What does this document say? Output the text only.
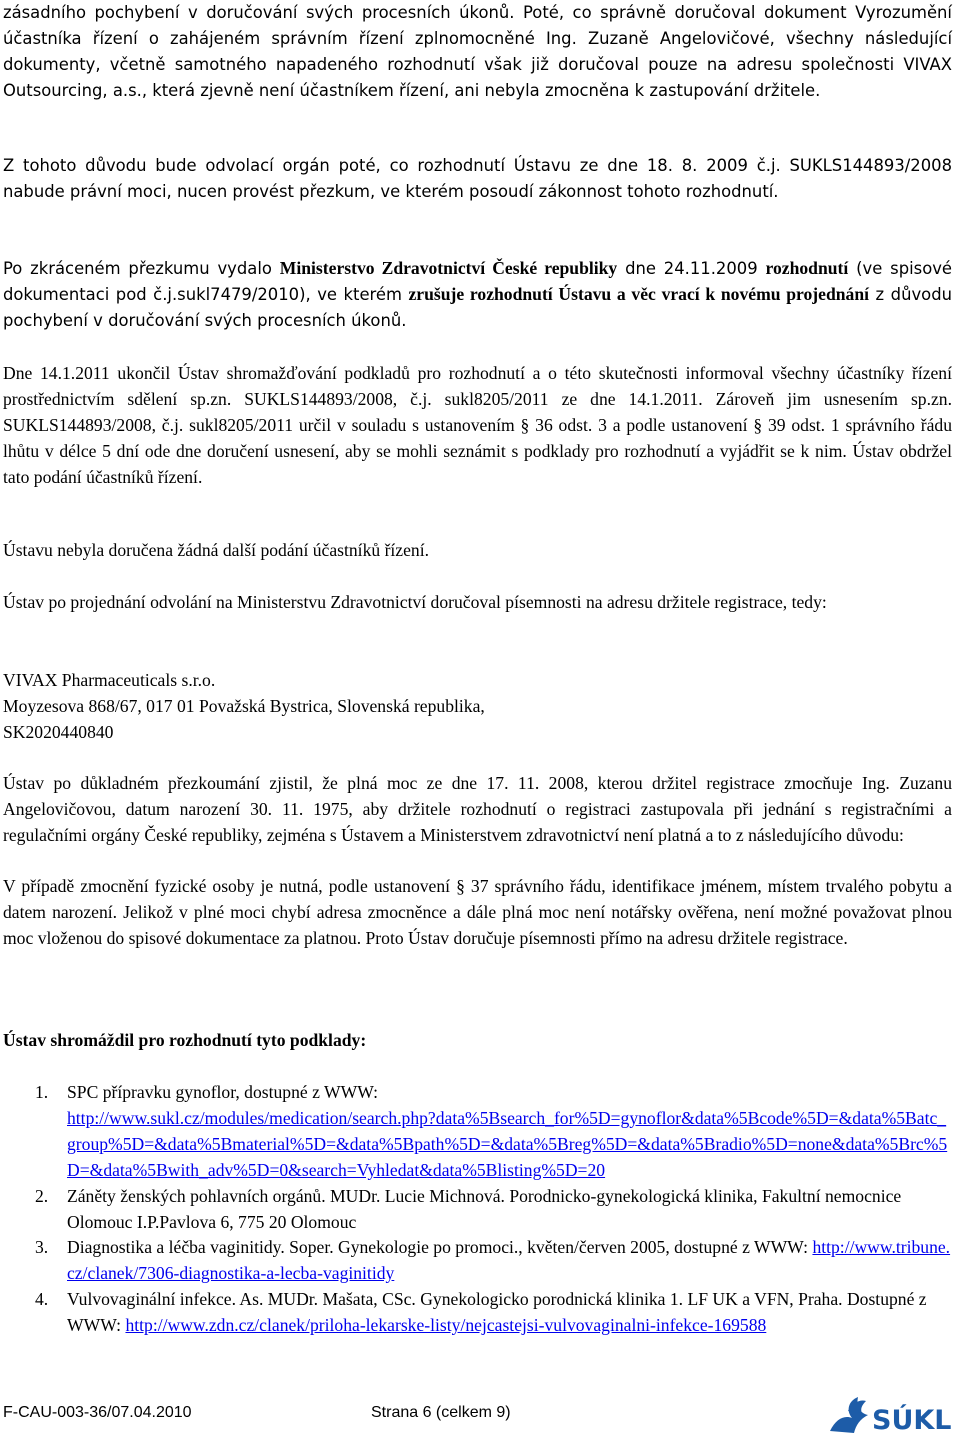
zásadního pochybení v doručování svých procesních úkonů. Poté, co správně doručoval dokument Vyrozumění účastníka řízení o zahájeném správním řízení zplnomocněné Ing. Zuzaně Angelovičové, všechny následující dokumenty, včetně samotného napadeného rozhodnutí však již doručoval pouze na adresu společnosti VIVAX Outsourcing, a.s., která zjevně není účastníkem řízení, ani nebyla zmocněna k zastupování držitele.

Z tohoto důvodu bude odvolací orgán poté, co rozhodnutí Ústavu ze dne 18. 8. 2009 č.j. SUKLS144893/2008 nabude právní moci, nucen provést přezkum, ve kterém posoudí zákonnost tohoto rozhodnutí.

Po zkráceném přezkumu vydalo Ministerstvo Zdravotnictví České republiky dne 24.11.2009 rozhodnutí (ve spisové dokumentaci pod č.j.sukl7479/2010), ve kterém zrušuje rozhodnutí Ústavu a věc vrací k novému projednání z důvodu pochybení v doručování svých procesních úkonů.

Dne 14.1.2011 ukončil Ústav shromažďování podkladů pro rozhodnutí a o této skutečnosti informoval všechny účastníky řízení prostřednictvím sdělení sp.zn. SUKLS144893/2008, č.j. sukl8205/2011 ze dne 14.1.2011. Zároveň jim usnesením sp.zn. SUKLS144893/2008, č.j. sukl8205/2011 určil v souladu s ustanovením § 36 odst. 3 a podle ustanovení § 39 odst. 1 správního řádu lhůtu v délce 5 dní ode dne doručení usnesení, aby se mohli seznámit s podklady pro rozhodnutí a vyjádřit se k nim. Ústav obdržel tato podání účastníků řízení.

Ústavu nebyla doručena žádná další podání účastníků řízení.

Ústav po projednání odvolání na Ministerstvu Zdravotnictví doručoval písemnosti na adresu držitele registrace, tedy:

VIVAX Pharmaceuticals s.r.o.
Moyzesova 868/67, 017 01 Považská Bystrica, Slovenská republika,
SK2020440840

Ústav po důkladném přezkoumání zjistil, že plná moc ze dne 17. 11. 2008, kterou držitel registrace zmocňuje Ing. Zuzanu Angelovičovou, datum narození 30. 11. 1975, aby držitele rozhodnutí o registraci zastupovala při jednání s registračními a regulačními orgány České republiky, zejména s Ústavem a Ministerstvem zdravotnictví není platná a to z následujícího důvodu:

V případě zmocnění fyzické osoby je nutná, podle ustanovení § 37 správního řádu, identifikace jménem, místem trvalého pobytu a datem narození. Jelikož v plné moci chybí adresa zmocněnce a dále plná moc není notářsky ověřena, není možné považovat plnou moc vloženou do spisové dokumentace za platnou. Proto Ústav doručuje písemnosti přímo na adresu držitele registrace.

Ústav shromáždil pro rozhodnutí tyto podklady:

1. SPC přípravku gynoflor, dostupné z WWW:
http://www.sukl.cz/modules/medication/search.php?data%5Bsearch_for%5D=gynoflor&data%5Bcode%5D=&data%5Batc_group%5D=&data%5Bmaterial%5D=&data%5Bpath%5D=&data%5Breg%5D=&data%5Bradio%5D=none&data%5Brc%5D=&data%5Bwith_adv%5D=0&search=Vyhledat&data%5Blisting%5D=20
2. Záněty ženských pohlavních orgánů. MUDr. Lucie Michnová. Porodnicko-gynekologická klinika, Fakultní nemocnice Olomouc I.P.Pavlova 6, 775 20 Olomouc
3. Diagnostika a léčba vaginitidy. Soper. Gynekologie po promoci., květen/červen 2005, dostupné z WWW: http://www.tribune.cz/clanek/7306-diagnostika-a-lecba-vaginitidy
4. Vulvovaginální infekce. As. MUDr. Mašata, CSc. Gynekologicko porodnická klinika 1. LF UK a VFN, Praha. Dostupné z WWW: http://www.zdn.cz/clanek/priloha-lekarske-listy/nejcastejsi-vulvovaginalni-infekce-169588
F-CAU-003-36/07.04.2010	Strana 6 (celkem 9)	SÚKL
